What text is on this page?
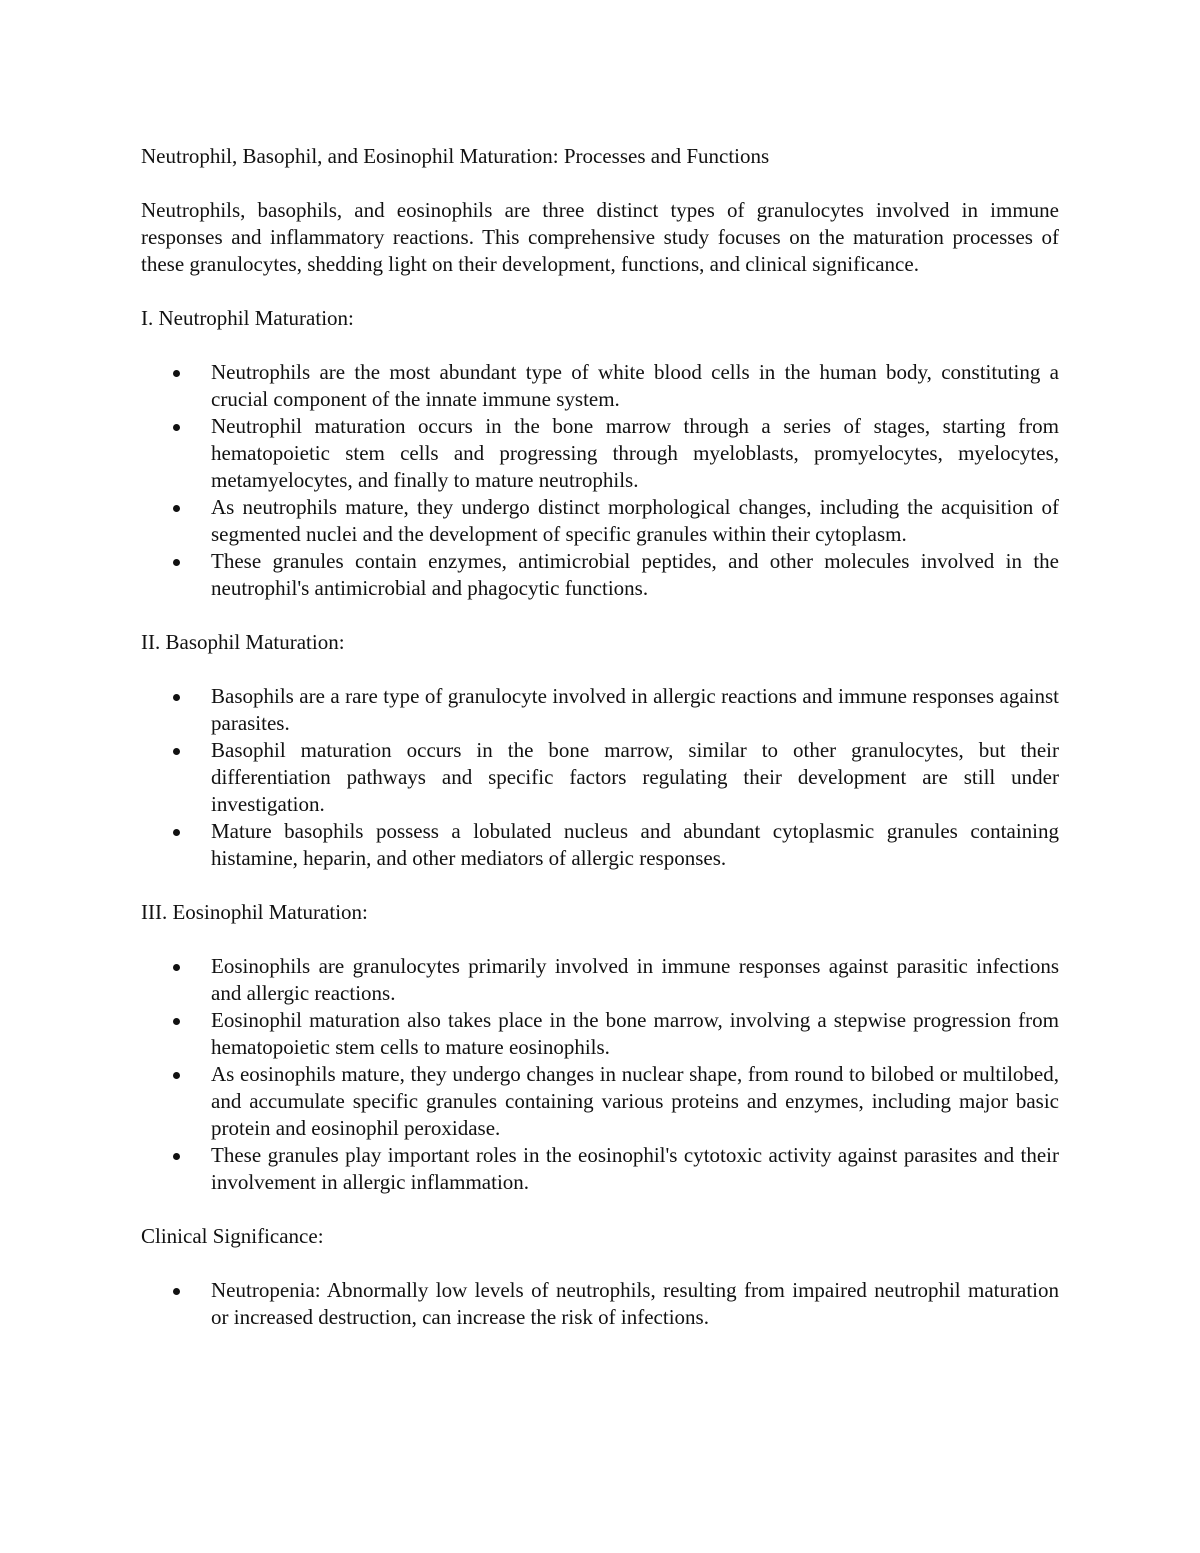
Neutrophil, Basophil, and Eosinophil Maturation: Processes and Functions

Neutrophils, basophils, and eosinophils are three distinct types of granulocytes involved in immune responses and inflammatory reactions. This comprehensive study focuses on the maturation processes of these granulocytes, shedding light on their development, functions, and clinical significance.

I. Neutrophil Maturation:

Neutrophils are the most abundant type of white blood cells in the human body, constituting a crucial component of the innate immune system.
Neutrophil maturation occurs in the bone marrow through a series of stages, starting from hematopoietic stem cells and progressing through myeloblasts, promyelocytes, myelocytes, metamyelocytes, and finally to mature neutrophils.
As neutrophils mature, they undergo distinct morphological changes, including the acquisition of segmented nuclei and the development of specific granules within their cytoplasm.
These granules contain enzymes, antimicrobial peptides, and other molecules involved in the neutrophil's antimicrobial and phagocytic functions.

II. Basophil Maturation:

Basophils are a rare type of granulocyte involved in allergic reactions and immune responses against parasites.
Basophil maturation occurs in the bone marrow, similar to other granulocytes, but their differentiation pathways and specific factors regulating their development are still under investigation.
Mature basophils possess a lobulated nucleus and abundant cytoplasmic granules containing histamine, heparin, and other mediators of allergic responses.

III. Eosinophil Maturation:

Eosinophils are granulocytes primarily involved in immune responses against parasitic infections and allergic reactions.
Eosinophil maturation also takes place in the bone marrow, involving a stepwise progression from hematopoietic stem cells to mature eosinophils.
As eosinophils mature, they undergo changes in nuclear shape, from round to bilobed or multilobed, and accumulate specific granules containing various proteins and enzymes, including major basic protein and eosinophil peroxidase.
These granules play important roles in the eosinophil's cytotoxic activity against parasites and their involvement in allergic inflammation.

Clinical Significance:

Neutropenia: Abnormally low levels of neutrophils, resulting from impaired neutrophil maturation or increased destruction, can increase the risk of infections.
